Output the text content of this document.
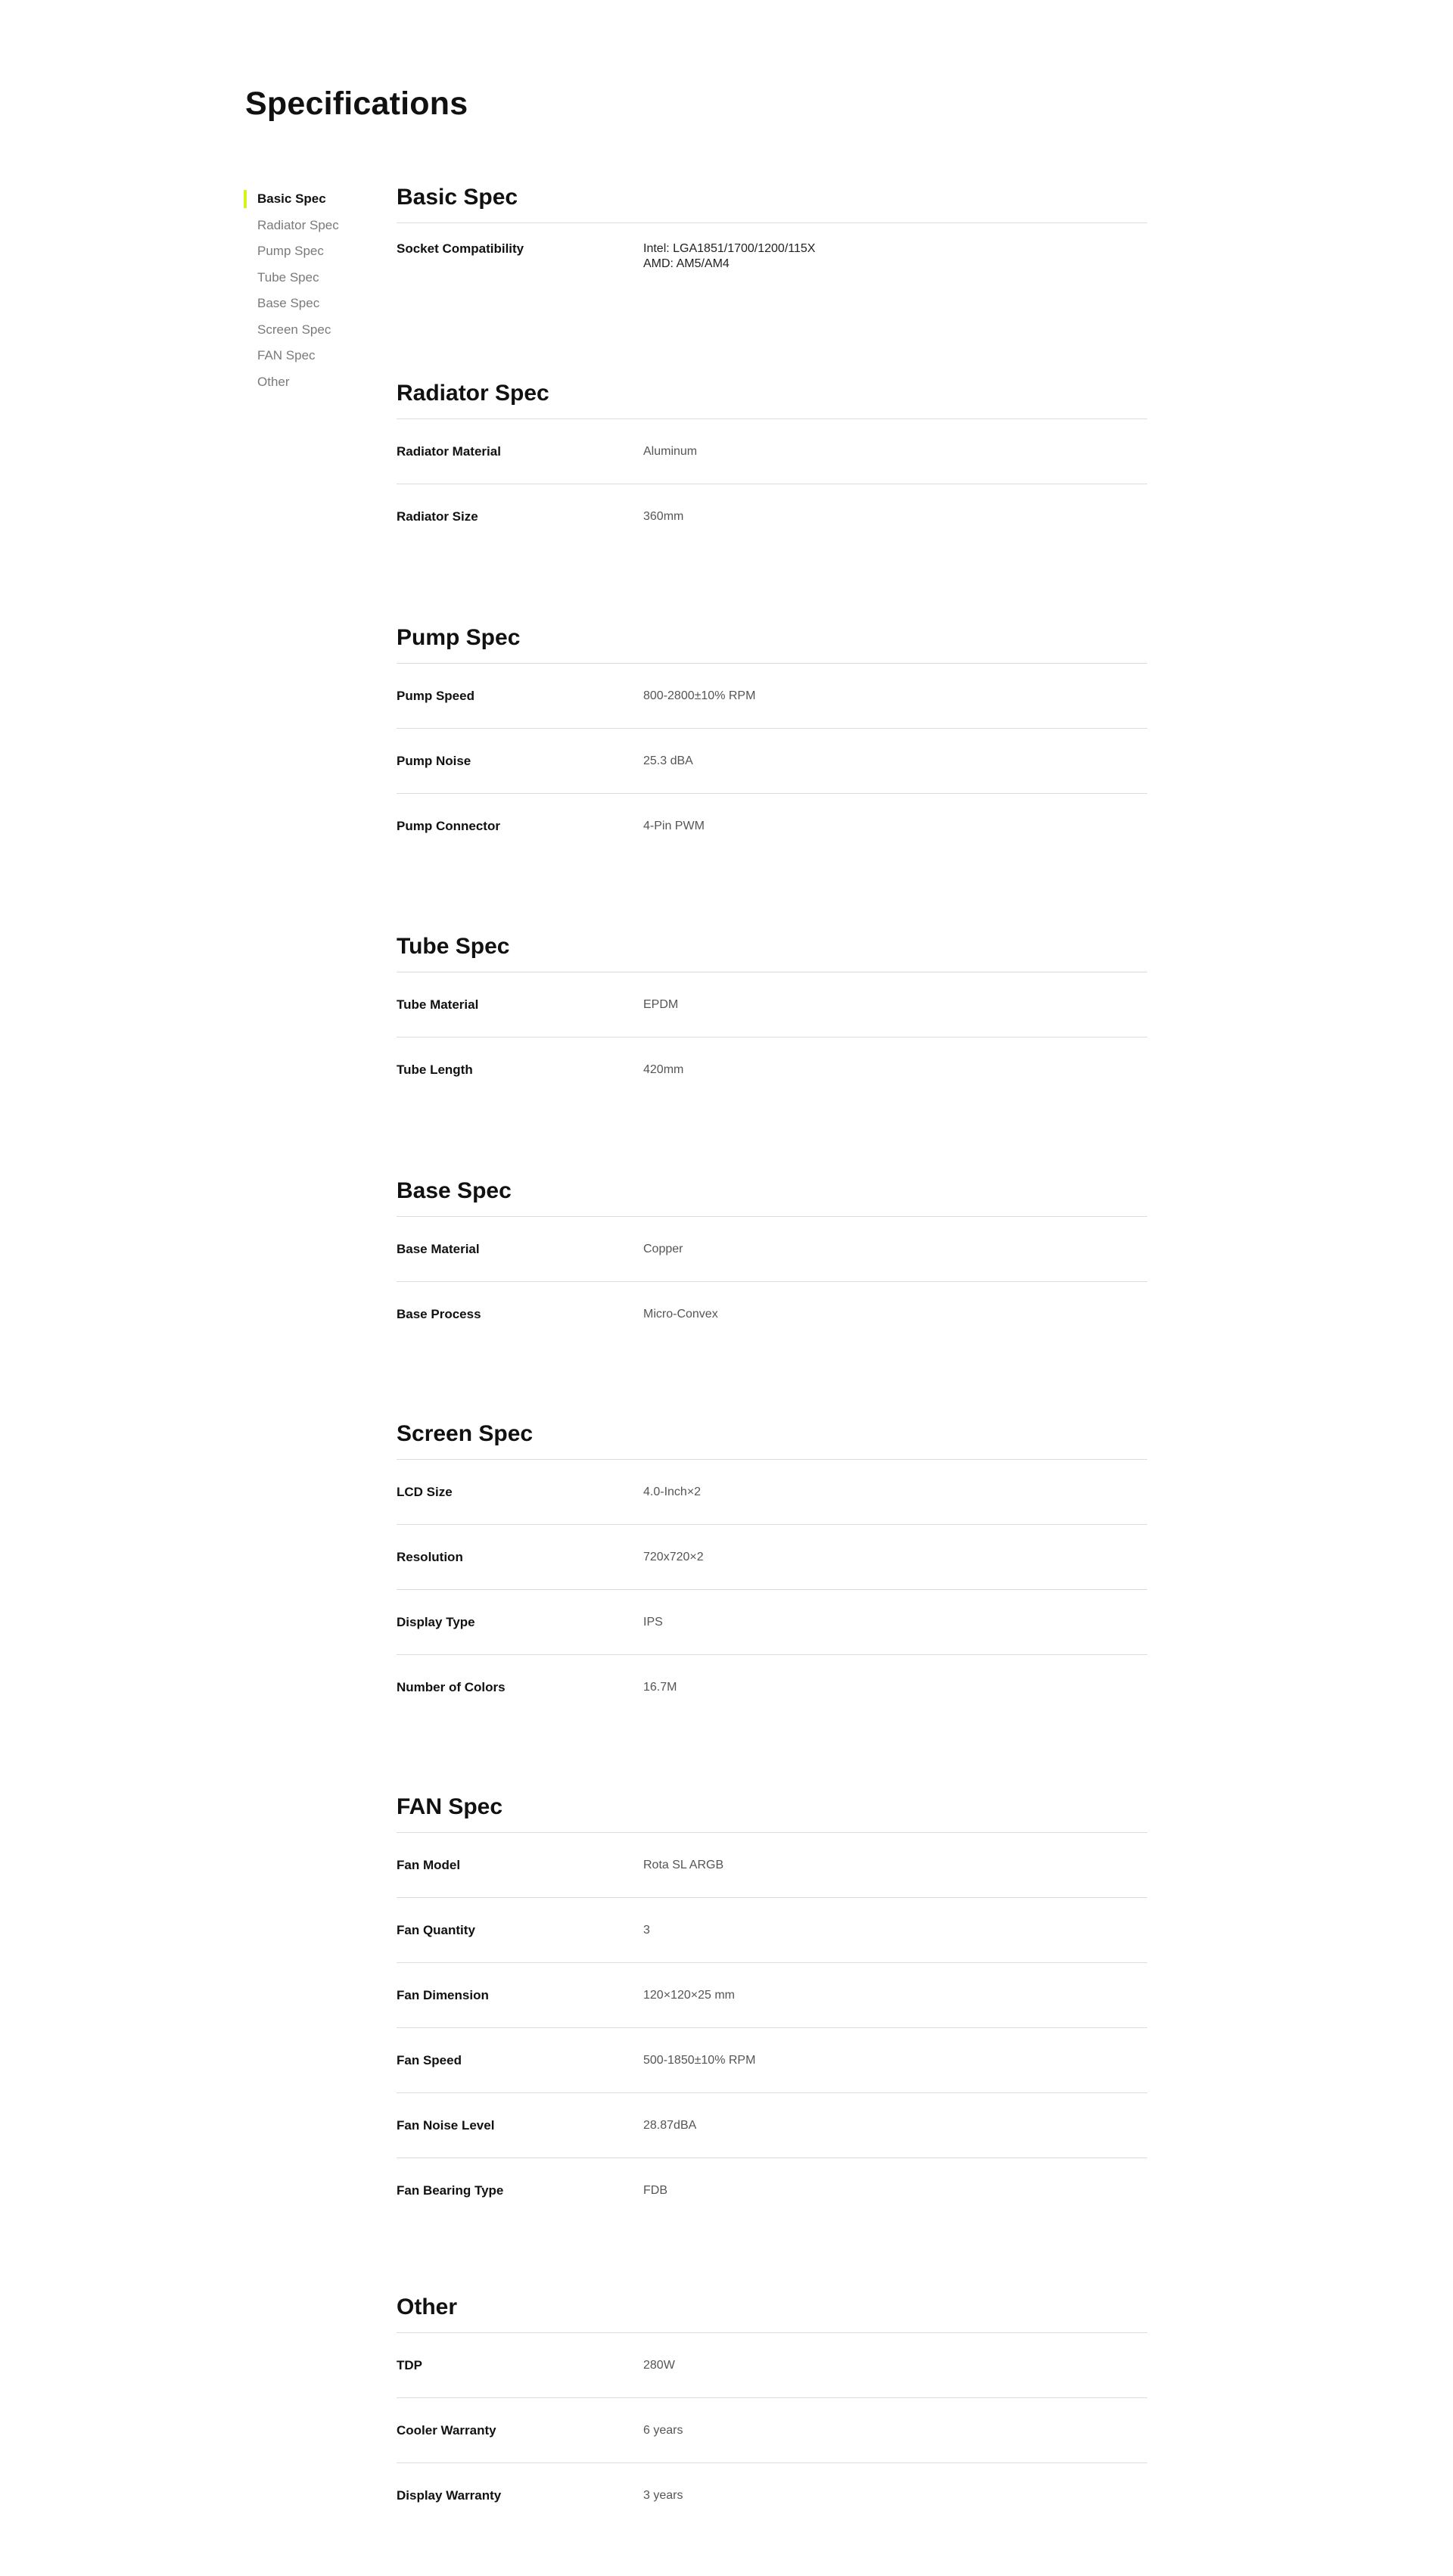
Specifications
Basic Spec
Radiator Spec
Pump Spec
Tube Spec
Base Spec
Screen Spec
FAN Spec
Other
Basic Spec
Socket Compatibility	Intel: LGA1851/1700/1200/115X
AMD: AM5/AM4
Radiator Spec
Radiator Material	Aluminum
Radiator Size	360mm
Pump Spec
Pump Speed	800-2800±10% RPM
Pump Noise	25.3 dBA
Pump Connector	4-Pin PWM
Tube Spec
Tube Material	EPDM
Tube Length	420mm
Base Spec
Base Material	Copper
Base Process	Micro-Convex
Screen Spec
LCD Size	4.0-Inch×2
Resolution	720x720×2
Display Type	IPS
Number of Colors	16.7M
FAN Spec
Fan Model	Rota SL ARGB
Fan Quantity	3
Fan Dimension	120×120×25 mm
Fan Speed	500-1850±10% RPM
Fan Noise Level	28.87dBA
Fan Bearing Type	FDB
Other
TDP	280W
Cooler Warranty	6 years
Display Warranty	3 years
